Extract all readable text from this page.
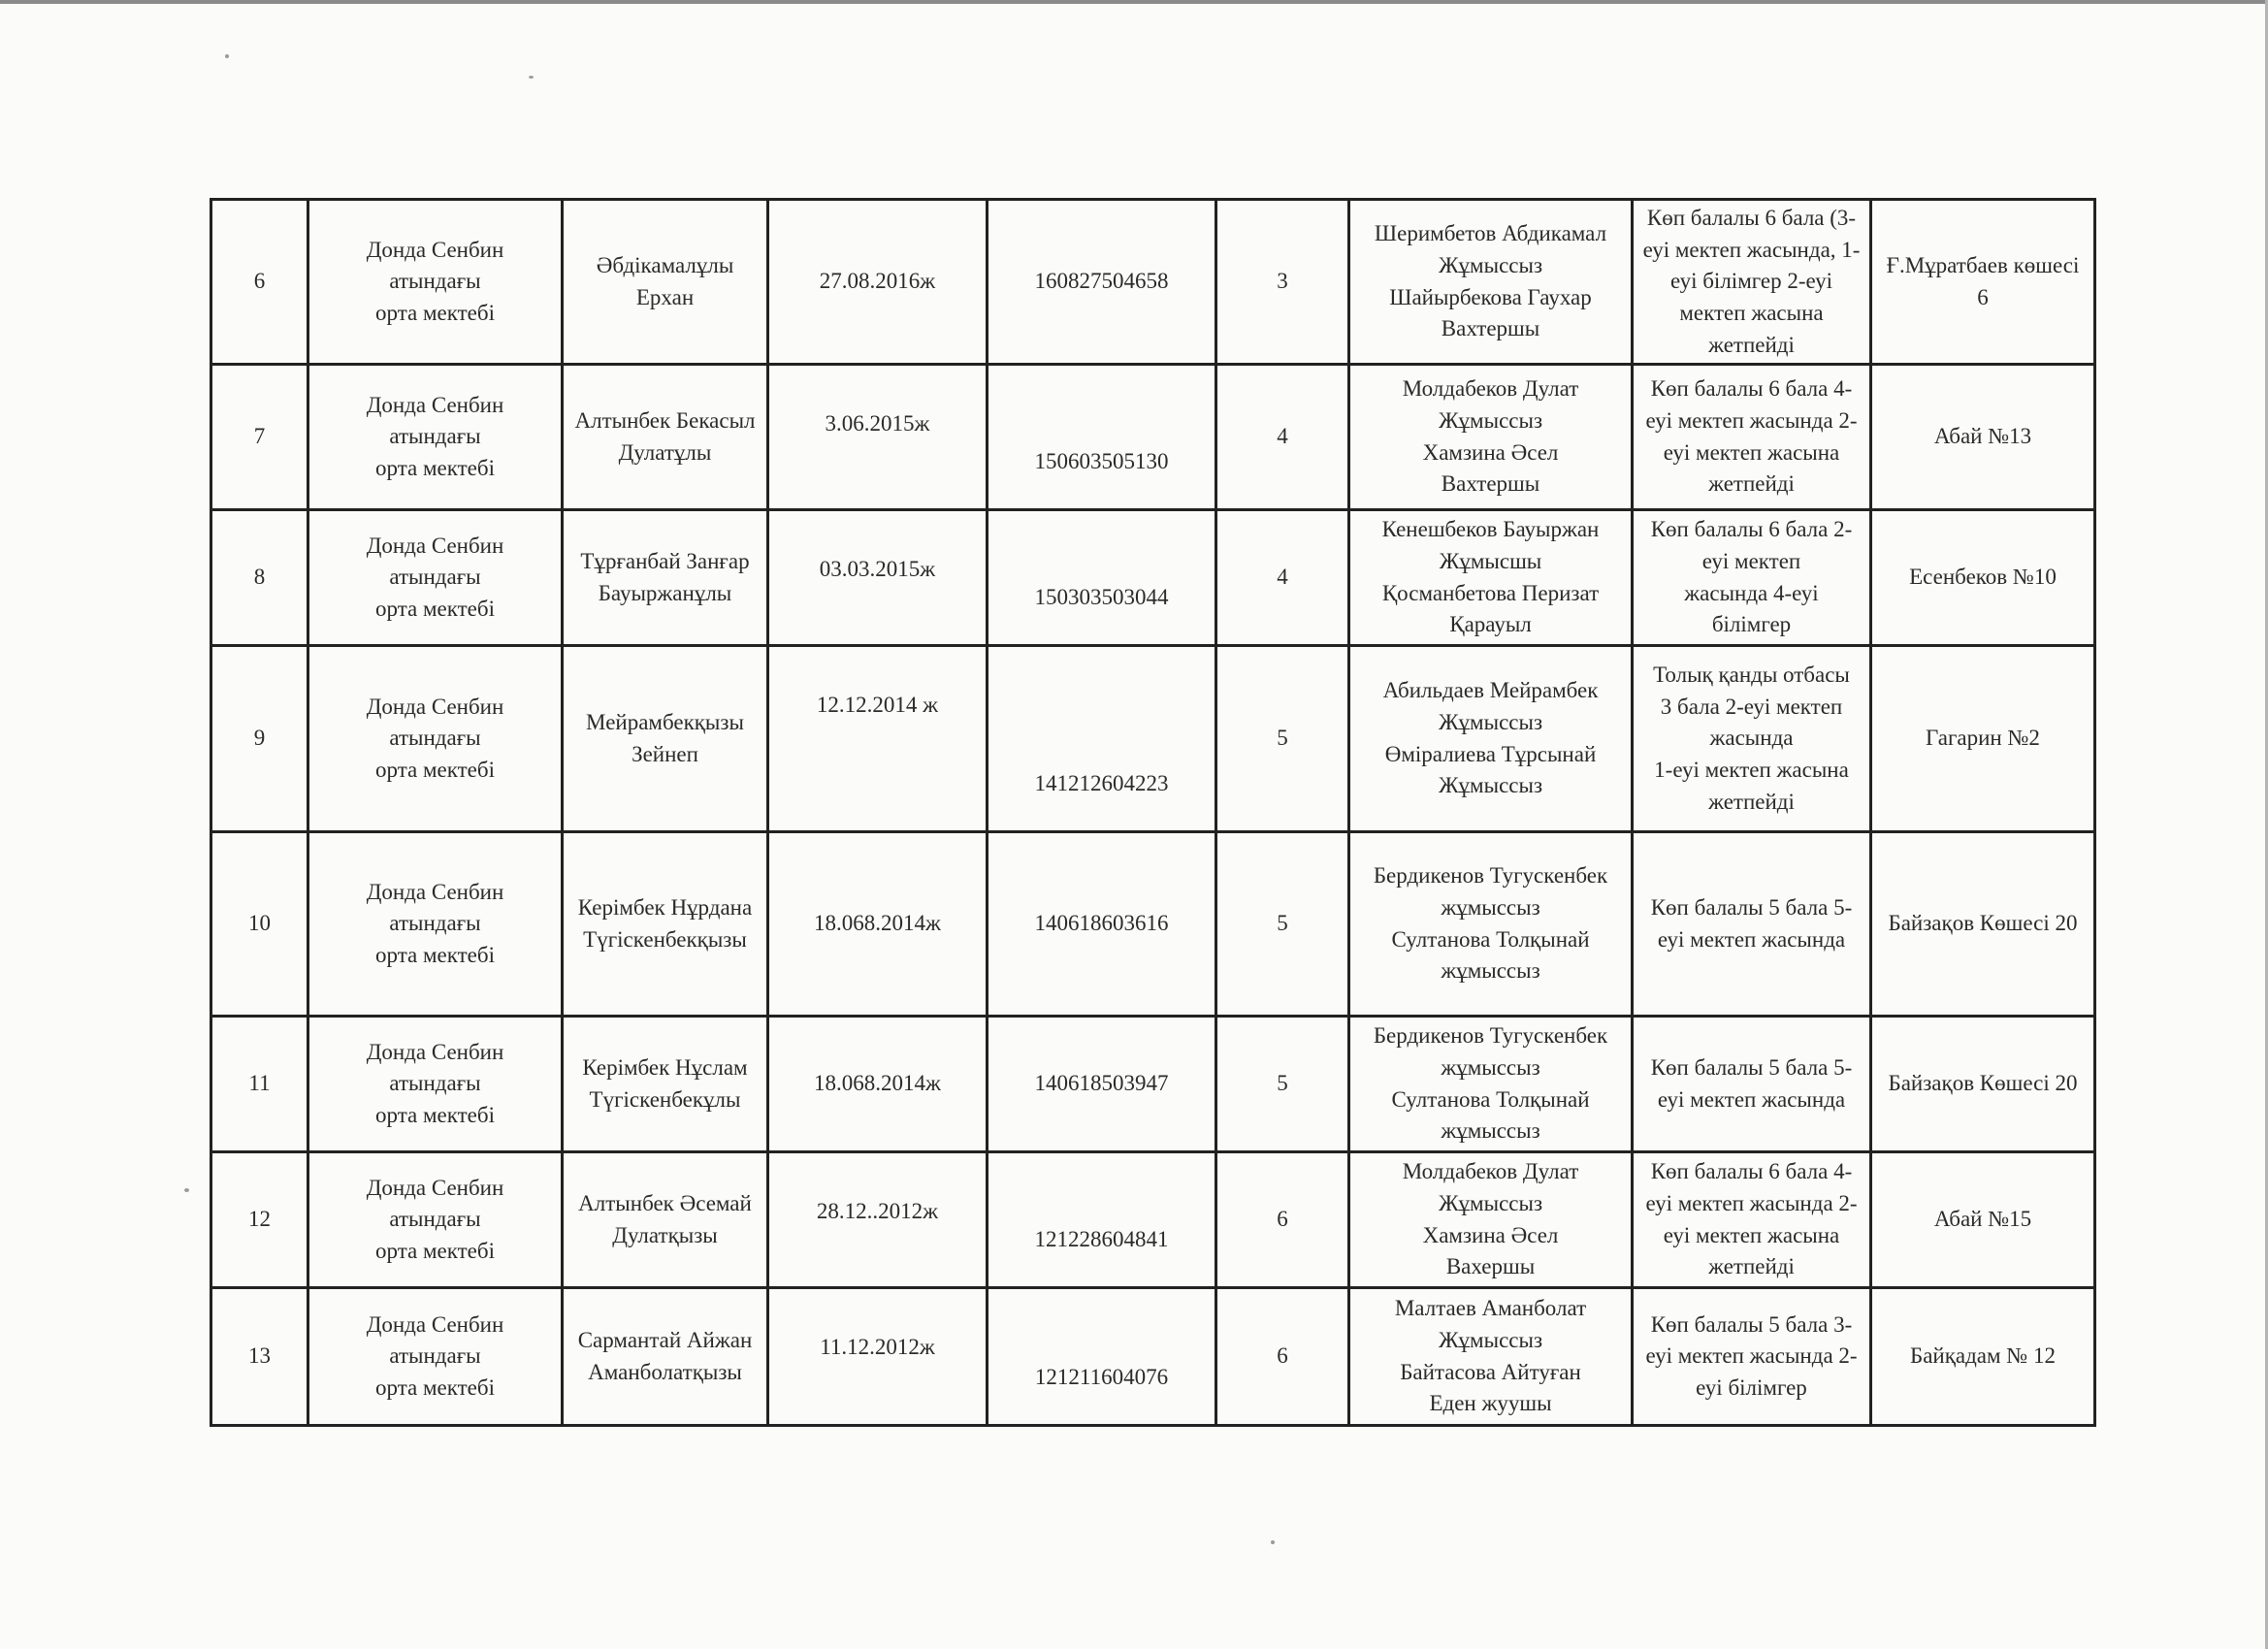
6	Донда Сенбин
атындағы
орта мектебі	Әбдікамалұлы
Ерхан	27.08.2016ж	160827504658	3	Шеримбетов Абдикамал
Жұмыссыз
Шайырбекова Гаухар
Вахтершы	Көп балалы 6 бала (3-еуі мектеп жасында, 1-еуі білімгер 2-еуі мектеп жасына жетпейді	Ғ.Мұратбаев көшесі
6
7	Донда Сенбин
атындағы
орта мектебі	Алтынбек Бекасыл
Дулатұлы	3.06.2015ж	150603505130	4	Молдабеков Дулат
Жұмыссыз
Хамзина Әсел
Вахтершы	Көп балалы 6 бала 4-еуі мектеп жасында 2-еуі мектеп жасына жетпейді	Абай №13
8	Донда Сенбин
атындағы
орта мектебі	Тұрғанбай Занғар
Бауыржанұлы	03.03.2015ж	150303503044	4	Кенешбеков Бауыржан
Жұмысшы
Қосманбетова Перизат
Қарауыл	Көп балалы 6 бала 2-еуі мектеп
жасында 4-еуі
білімгер	Есенбеков №10
9	Донда Сенбин
атындағы
орта мектебі	Мейрамбекқызы
Зейнеп	12.12.2014 ж	141212604223	5	Абильдаев Мейрамбек
Жұмыссыз
Өміралиева Тұрсынай
Жұмыссыз	Толық қанды отбасы
3 бала 2-еуі мектеп
жасында
1-еуі мектеп жасына
жетпейді	Гагарин №2
10	Донда Сенбин
атындағы
орта мектебі	Керімбек Нұрдана
Түгіскенбекқызы	18.068.2014ж	140618603616	5	Бердикенов Тугускенбек
жұмыссыз
Султанова Толқынай
жұмыссыз	Көп балалы 5 бала 5-еуі мектеп жасында	Байзақов Көшесі 20
11	Донда Сенбин
атындағы
орта мектебі	Керімбек Нұслам
Түгіскенбекұлы	18.068.2014ж	140618503947	5	Бердикенов Тугускенбек
жұмыссыз
Султанова Толқынай
жұмыссыз	Көп балалы 5 бала 5-еуі мектеп жасында	Байзақов Көшесі 20
12	Донда Сенбин
атындағы
орта мектебі	Алтынбек Әсемай
Дулатқызы	28.12..2012ж	121228604841	6	Молдабеков Дулат
Жұмыссыз
Хамзина Әсел
Вахершы	Көп балалы 6 бала 4-еуі мектеп жасында 2-еуі мектеп жасына жетпейді	Абай №15
13	Донда Сенбин
атындағы
орта мектебі	Сармантай Айжан
Аманболатқызы	11.12.2012ж	121211604076	6	Малтаев Аманболат
Жұмыссыз
Байтасова Айтуған
Еден жуушы	Көп балалы 5 бала 3-еуі мектеп жасында 2-еуі білімгер	Байқадам № 12
